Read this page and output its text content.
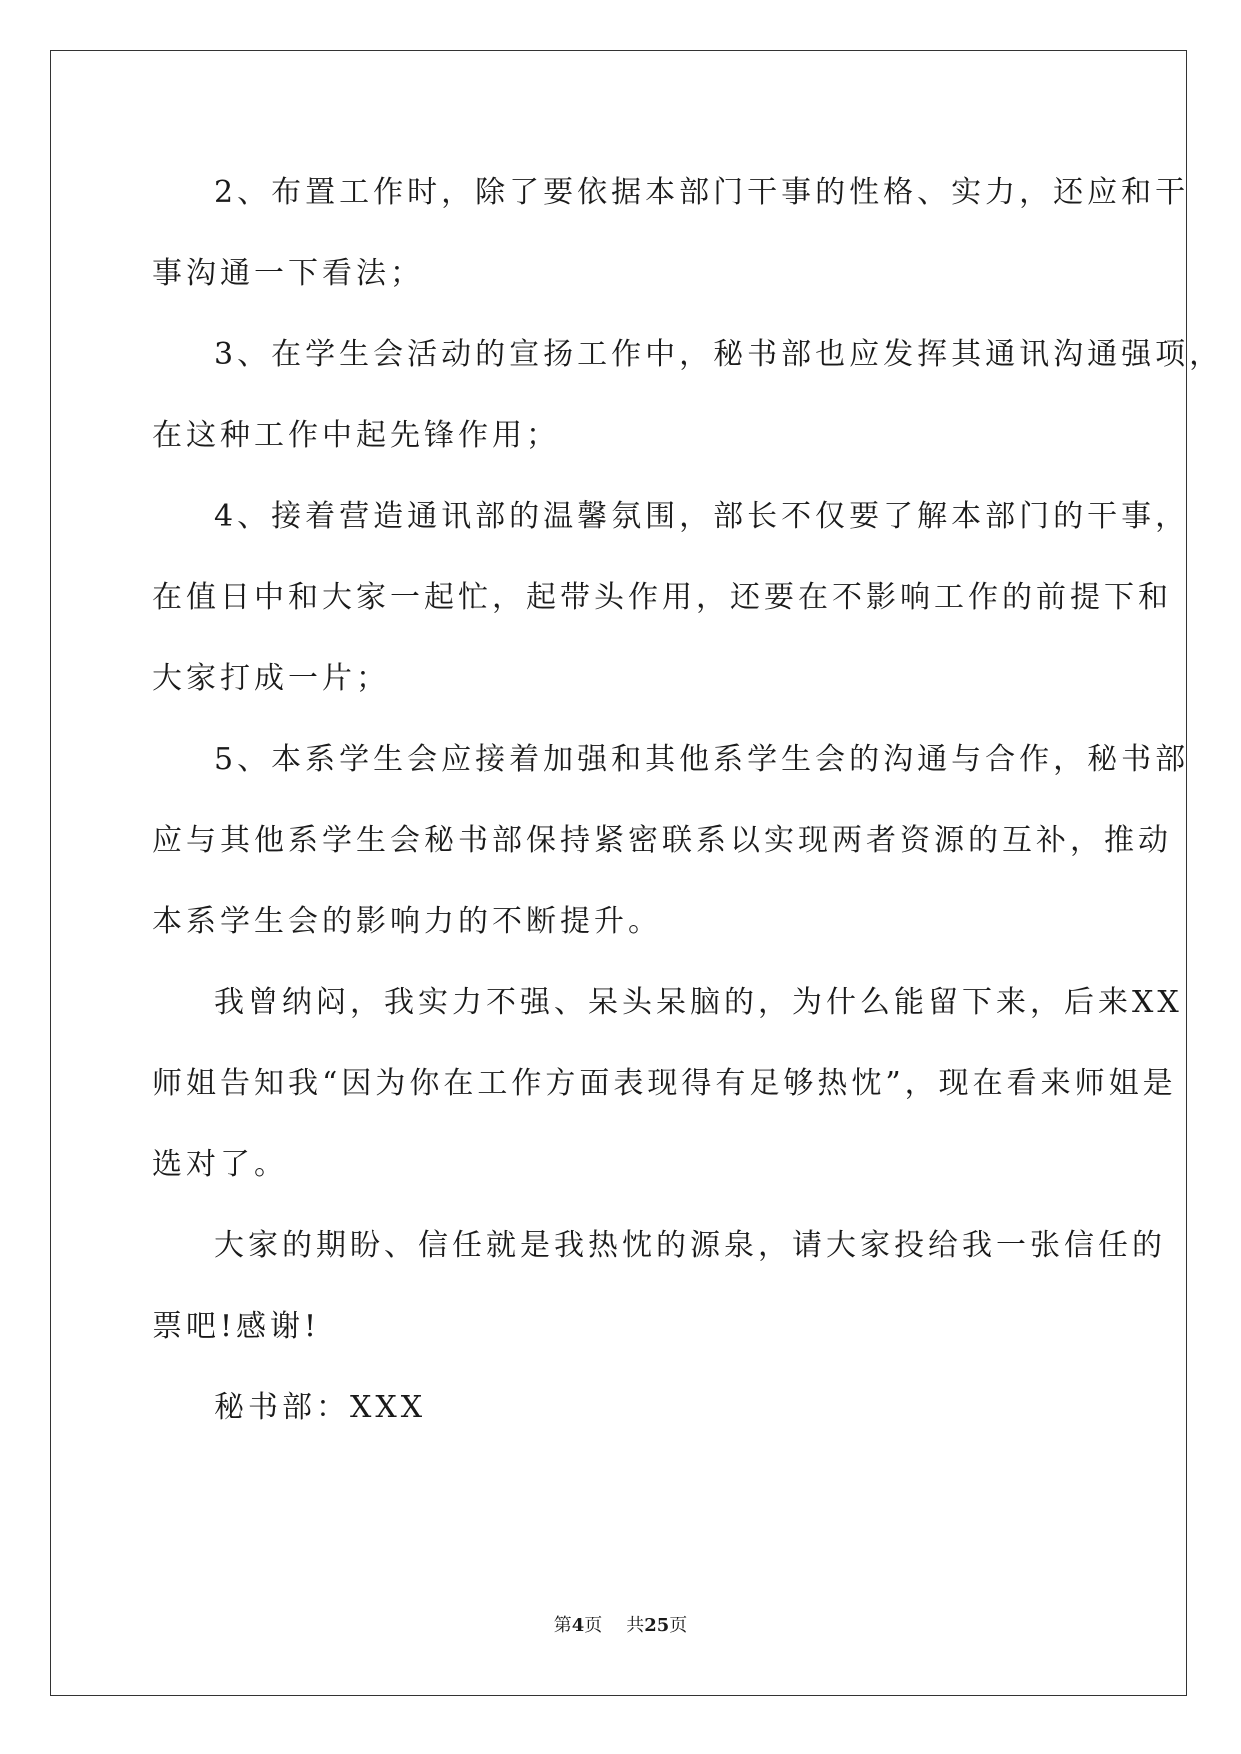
2、布置工作时，除了要依据本部门干事的性格、实力，还应和干
事沟通一下看法；
3、在学生会活动的宣扬工作中，秘书部也应发挥其通讯沟通强项，
在这种工作中起先锋作用；
4、接着营造通讯部的温馨氛围，部长不仅要了解本部门的干事，
在值日中和大家一起忙，起带头作用，还要在不影响工作的前提下和
大家打成一片；
5、本系学生会应接着加强和其他系学生会的沟通与合作，秘书部
应与其他系学生会秘书部保持紧密联系以实现两者资源的互补，推动
本系学生会的影响力的不断提升。
我曾纳闷，我实力不强、呆头呆脑的，为什么能留下来，后来XX
师姐告知我“因为你在工作方面表现得有足够热忱”，现在看来师姐是
选对了。
大家的期盼、信任就是我热忱的源泉，请大家投给我一张信任的
票吧!感谢!
秘书部：XXX
第4页 共25页
